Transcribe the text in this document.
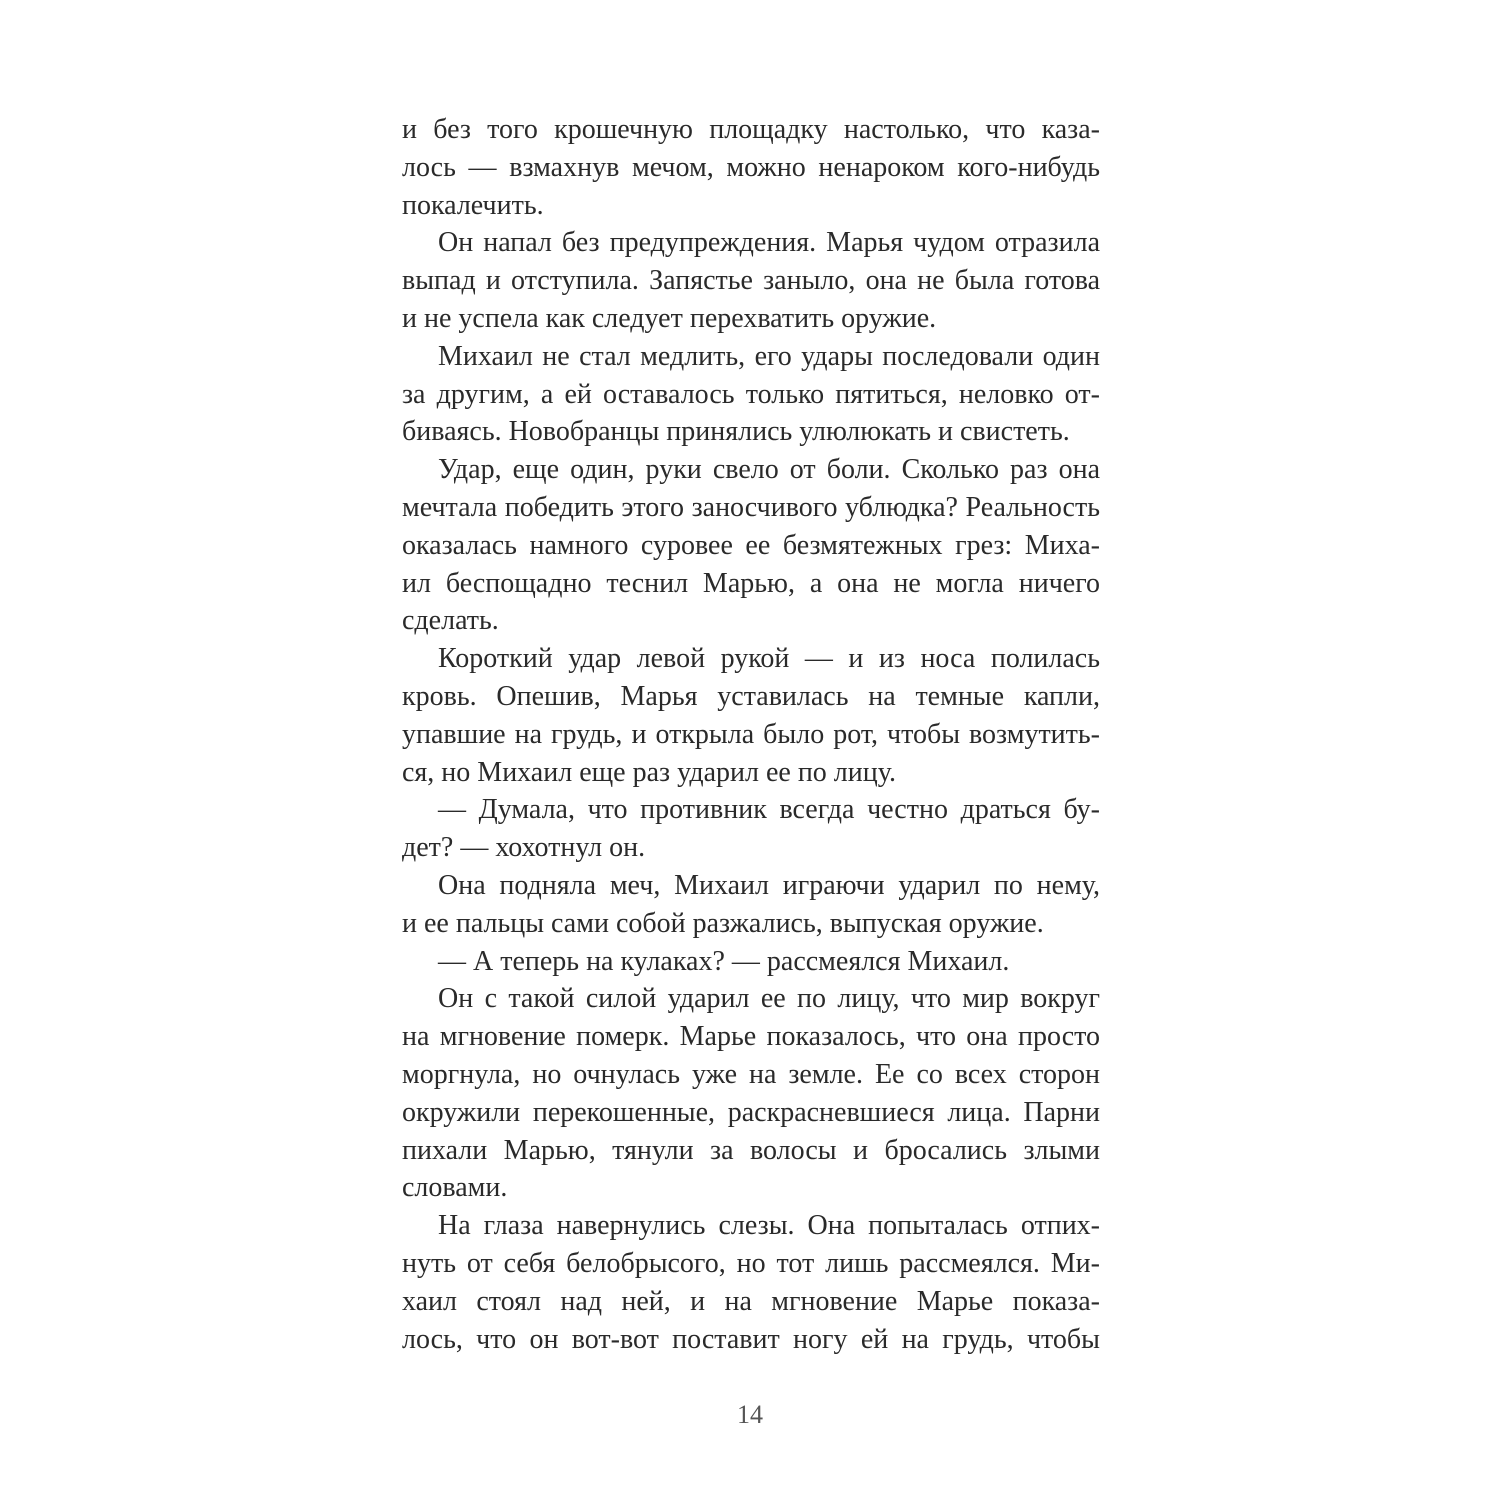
и без того крошечную площадку настолько, что каза-
лось — взмахнув мечом, можно ненароком кого-нибудь
покалечить.
Он напал без предупреждения. Марья чудом отразила
выпад и отступила. Запястье заныло, она не была готова
и не успела как следует перехватить оружие.
Михаил не стал медлить, его удары последовали один
за другим, а ей оставалось только пятиться, неловко от-
биваясь. Новобранцы принялись улюлюкать и свистеть.
Удар, еще один, руки свело от боли. Сколько раз она
мечтала победить этого заносчивого ублюдка? Реальность
оказалась намного суровее ее безмятежных грез: Миха-
ил беспощадно теснил Марью, а она не могла ничего
сделать.
Короткий удар левой рукой — и из носа полилась
кровь. Опешив, Марья уставилась на темные капли,
упавшие на грудь, и открыла было рот, чтобы возмутить-
ся, но Михаил еще раз ударил ее по лицу.
— Думала, что противник всегда честно драться бу-
дет? — хохотнул он.
Она подняла меч, Михаил играючи ударил по нему,
и ее пальцы сами собой разжались, выпуская оружие.
— А теперь на кулаках? — рассмеялся Михаил.
Он с такой силой ударил ее по лицу, что мир вокруг
на мгновение померк. Марье показалось, что она просто
моргнула, но очнулась уже на земле. Ее со всех сторон
окружили перекошенные, раскрасневшиеся лица. Парни
пихали Марью, тянули за волосы и бросались злыми
словами.
На глаза навернулись слезы. Она попыталась отпих-
нуть от себя белобрысого, но тот лишь рассмеялся. Ми-
хаил стоял над ней, и на мгновение Марье показа-
лось, что он вот-вот поставит ногу ей на грудь, чтобы
14
